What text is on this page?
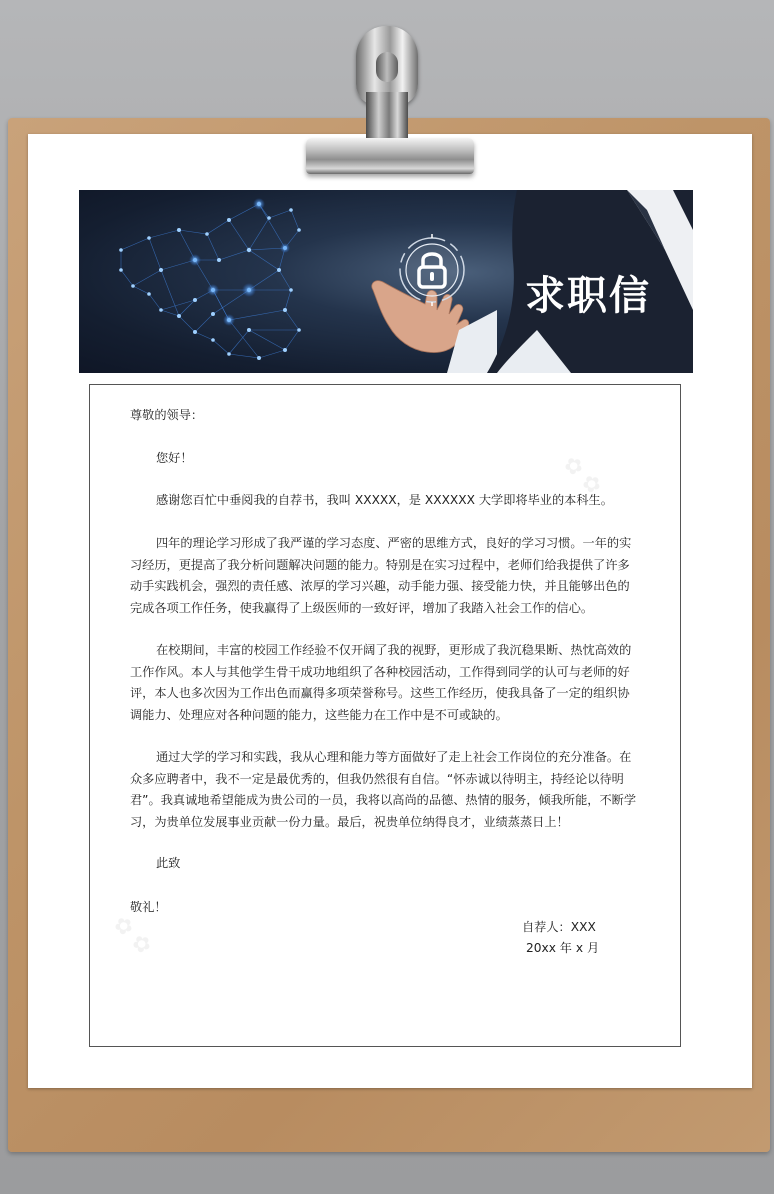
求职信
✿ ✿
✿ ✿
尊敬的领导：
您好！
感谢您百忙中垂阅我的自荐书，我叫 XXXXX，是 XXXXXX 大学即将毕业的本科生。
四年的理论学习形成了我严谨的学习态度、严密的思维方式，良好的学习习惯。一年的实
习经历，更提高了我分析问题解决问题的能力。特别是在实习过程中，老师们给我提供了许多
动手实践机会，强烈的责任感、浓厚的学习兴趣，动手能力强、接受能力快，并且能够出色的
完成各项工作任务，使我赢得了上级医师的一致好评，增加了我踏入社会工作的信心。
在校期间，丰富的校园工作经验不仅开阔了我的视野，更形成了我沉稳果断、热忱高效的
工作作风。本人与其他学生骨干成功地组织了各种校园活动，工作得到同学的认可与老师的好
评，本人也多次因为工作出色而赢得多项荣誉称号。这些工作经历，使我具备了一定的组织协
调能力、处理应对各种问题的能力，这些能力在工作中是不可或缺的。
通过大学的学习和实践，我从心理和能力等方面做好了走上社会工作岗位的充分准备。在
众多应聘者中，我不一定是最优秀的，但我仍然很有自信。“怀赤诚以待明主，持经论以待明
君”。我真诚地希望能成为贵公司的一员，我将以高尚的品德、热情的服务，倾我所能，不断学
习，为贵单位发展事业贡献一份力量。最后，祝贵单位纳得良才，业绩蒸蒸日上！
此致
敬礼！
自荐人：XXX
20xx 年 x 月
